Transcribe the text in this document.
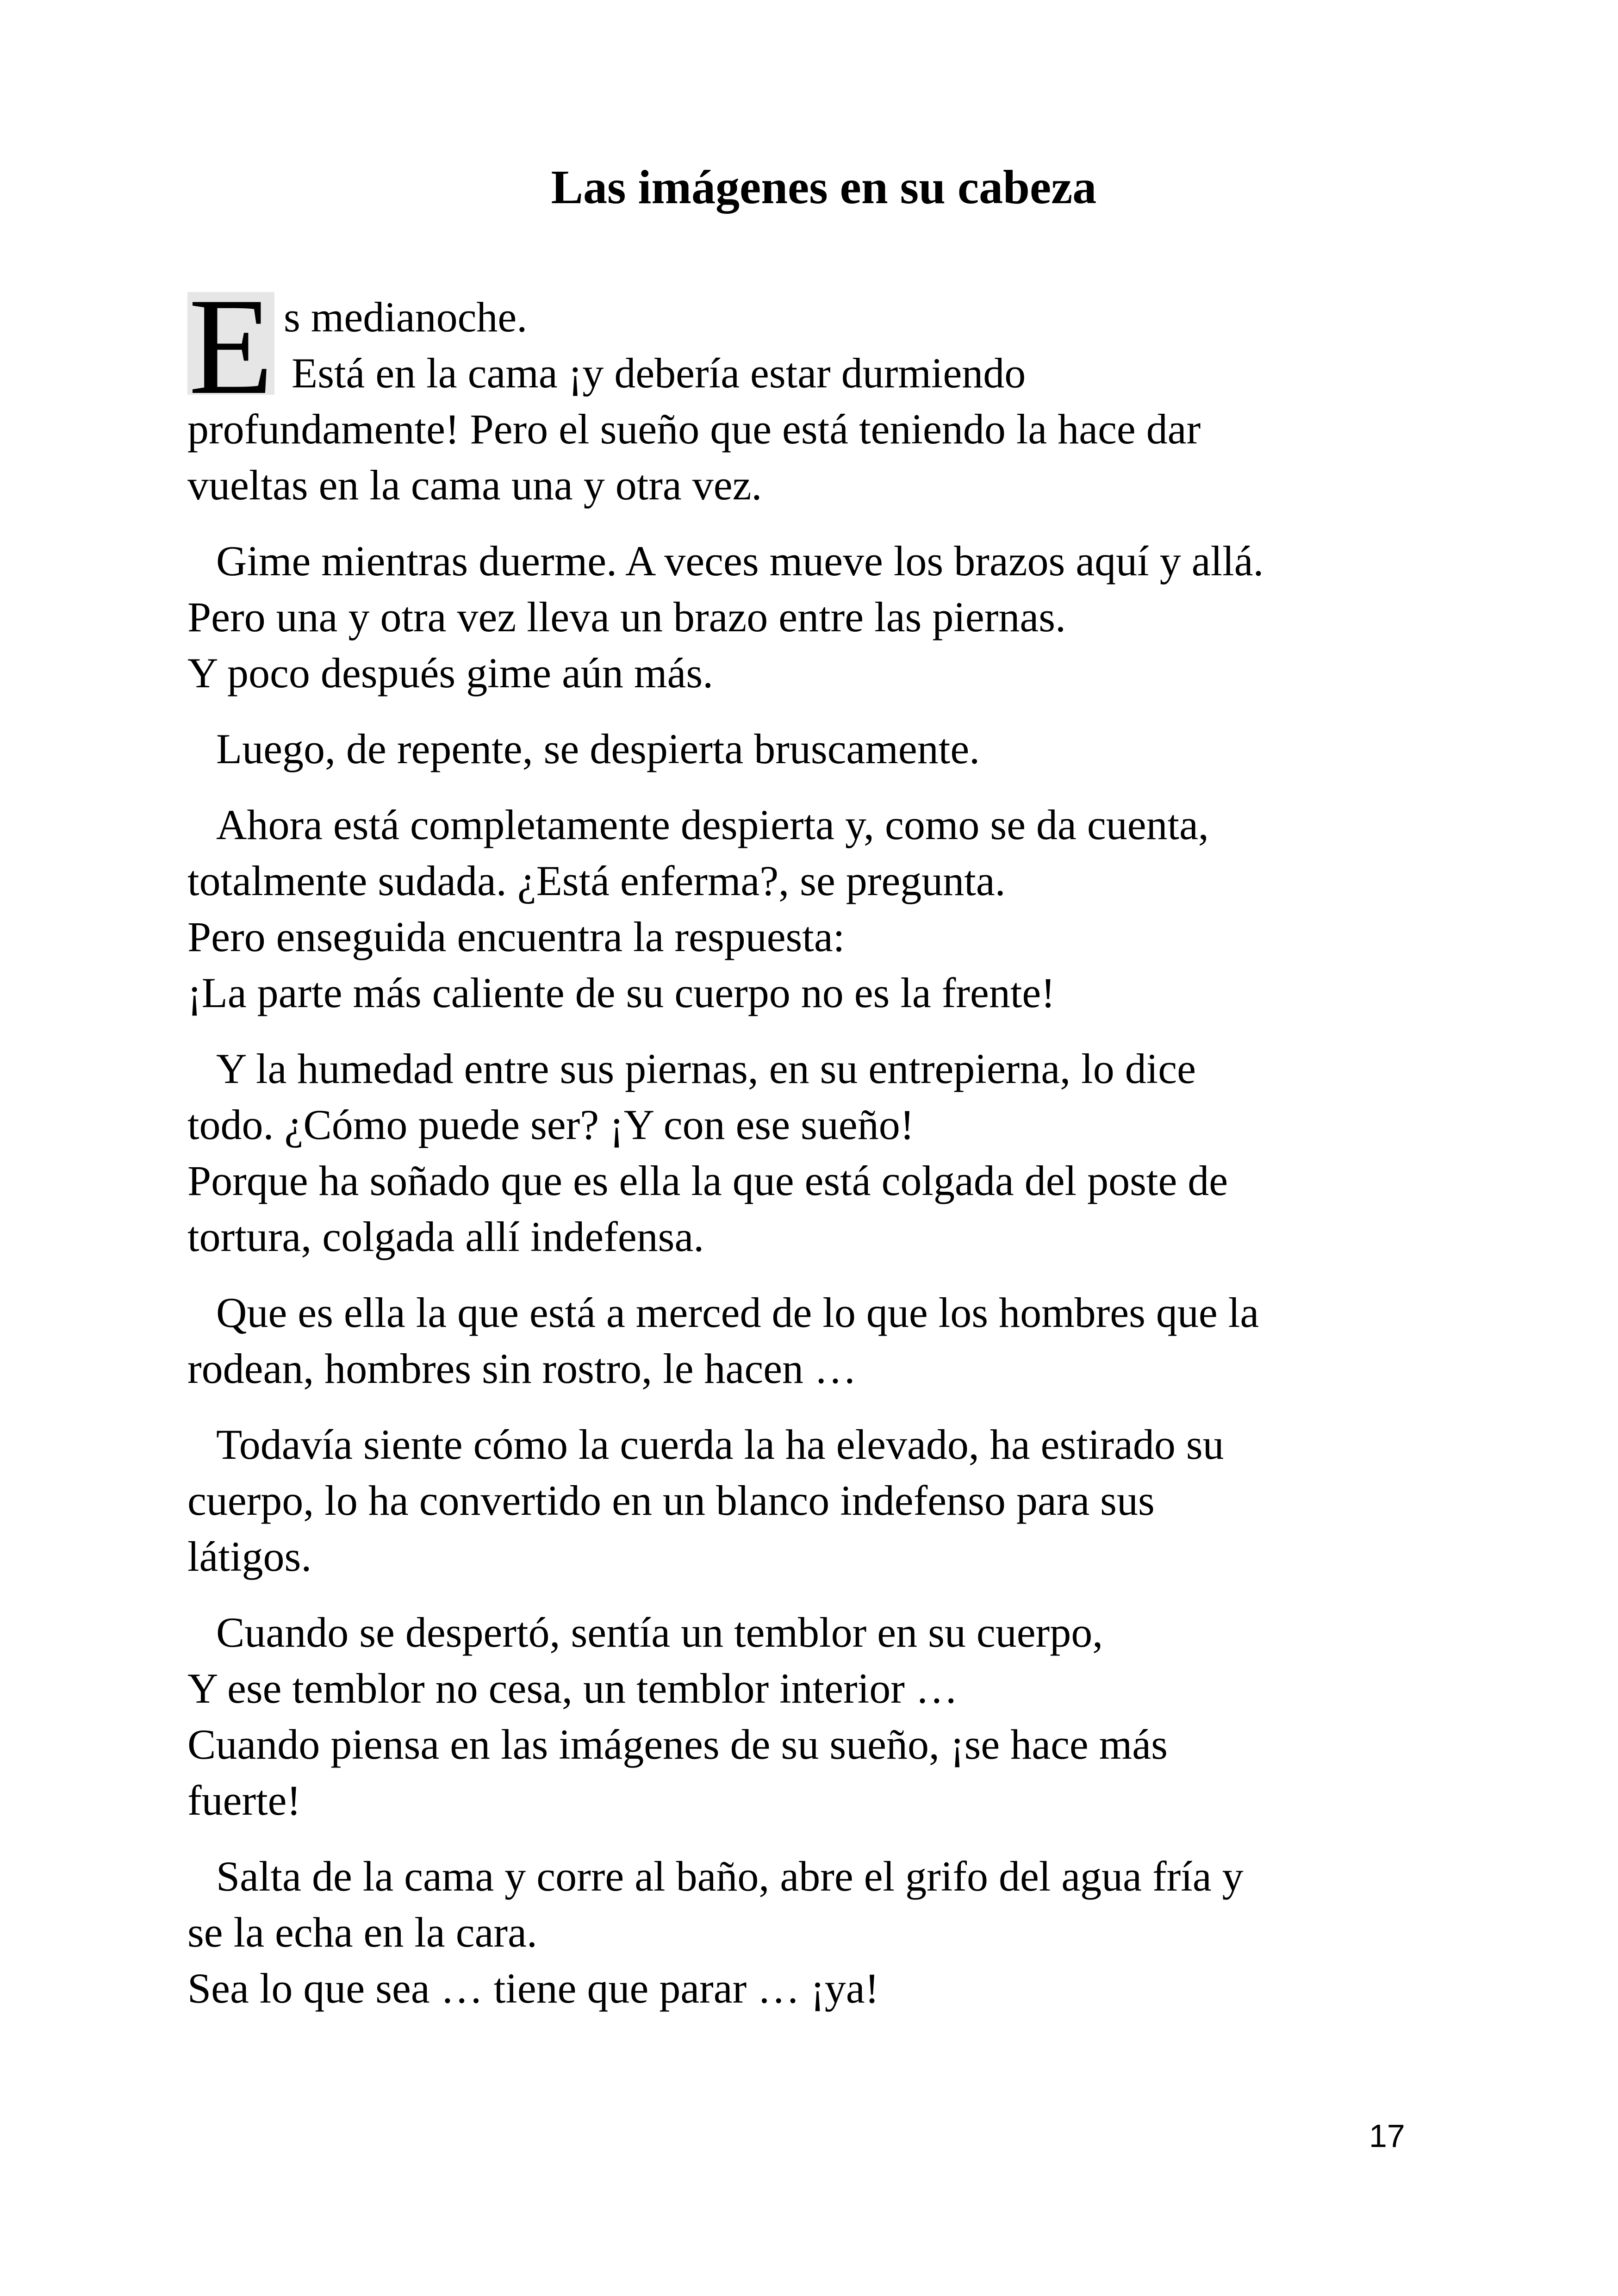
Las imágenes en su cabeza

E s medianoche.
Está en la cama ¡y debería estar durmiendo
profundamente! Pero el sueño que está teniendo la hace dar
vueltas en la cama una y otra vez.

Gime mientras duerme. A veces mueve los brazos aquí y allá.
Pero una y otra vez lleva un brazo entre las piernas.
Y poco después gime aún más.

Luego, de repente, se despierta bruscamente.

Ahora está completamente despierta y, como se da cuenta,
totalmente sudada. ¿Está enferma?, se pregunta.
Pero enseguida encuentra la respuesta:
¡La parte más caliente de su cuerpo no es la frente!

Y la humedad entre sus piernas, en su entrepierna, lo dice
todo. ¿Cómo puede ser? ¡Y con ese sueño!
Porque ha soñado que es ella la que está colgada del poste de
tortura, colgada allí indefensa.

Que es ella la que está a merced de lo que los hombres que la
rodean, hombres sin rostro, le hacen …

Todavía siente cómo la cuerda la ha elevado, ha estirado su
cuerpo, lo ha convertido en un blanco indefenso para sus
látigos.

Cuando se despertó, sentía un temblor en su cuerpo,
Y ese temblor no cesa, un temblor interior …
Cuando piensa en las imágenes de su sueño, ¡se hace más
fuerte!

Salta de la cama y corre al baño, abre el grifo del agua fría y
se la echa en la cara.
Sea lo que sea … tiene que parar … ¡ya!

17
